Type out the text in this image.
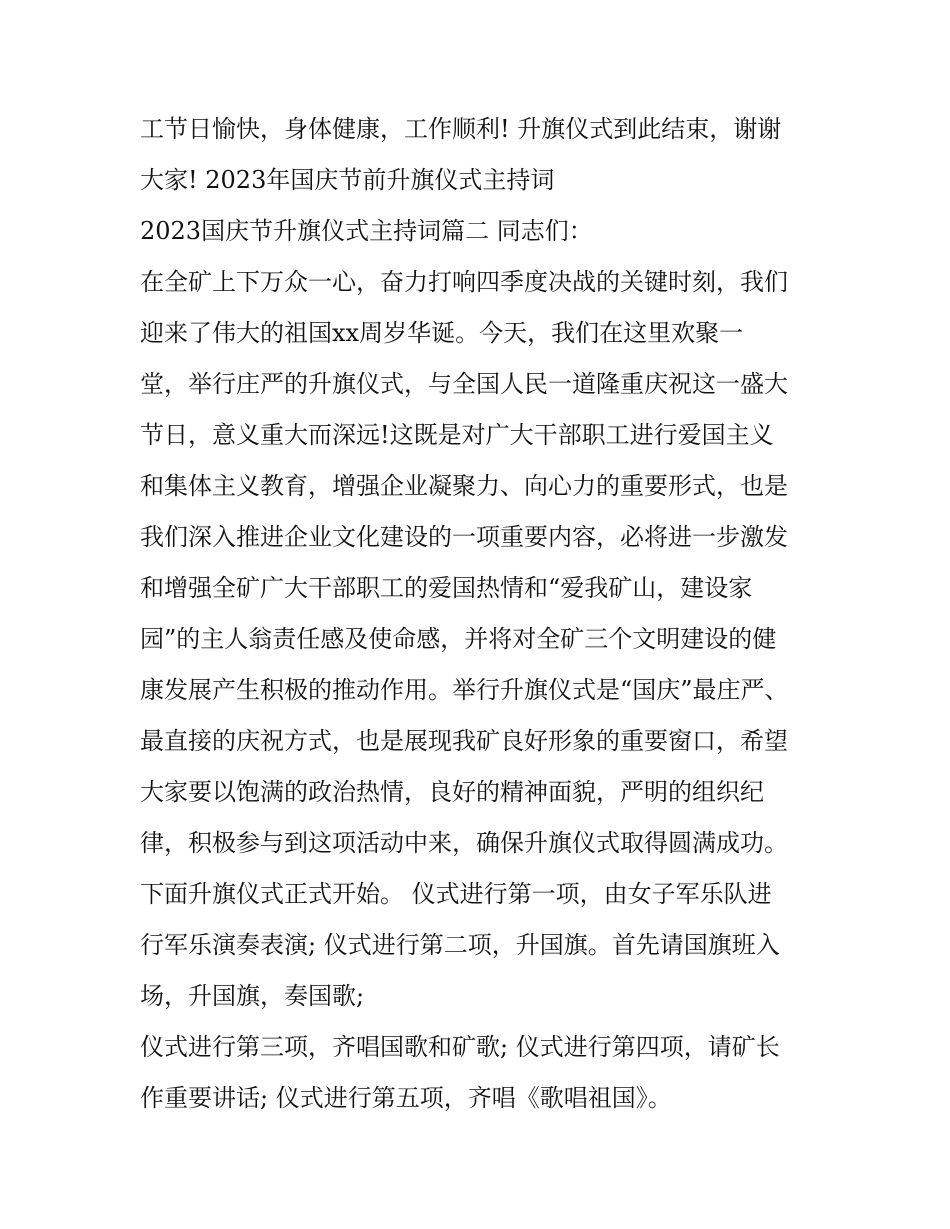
工节日愉快，身体健康，工作顺利! 升旗仪式到此结束，谢谢
大家! 2023年国庆节前升旗仪式主持词
2023国庆节升旗仪式主持词篇二 同志们：
在全矿上下万众一心，奋力打响四季度决战的关键时刻，我们
迎来了伟大的祖国xx周岁华诞。今天，我们在这里欢聚一
堂，举行庄严的升旗仪式，与全国人民一道隆重庆祝这一盛大
节日，意义重大而深远!这既是对广大干部职工进行爱国主义
和集体主义教育，增强企业凝聚力、向心力的重要形式，也是
我们深入推进企业文化建设的一项重要内容，必将进一步激发
和增强全矿广大干部职工的爱国热情和“爱我矿山，建设家
园”的主人翁责任感及使命感，并将对全矿三个文明建设的健
康发展产生积极的推动作用。举行升旗仪式是“国庆”最庄严、
最直接的庆祝方式，也是展现我矿良好形象的重要窗口，希望
大家要以饱满的政治热情，良好的精神面貌，严明的组织纪
律，积极参与到这项活动中来，确保升旗仪式取得圆满成功。
下面升旗仪式正式开始。 仪式进行第一项，由女子军乐队进
行军乐演奏表演; 仪式进行第二项，升国旗。首先请国旗班入
场，升国旗，奏国歌;
仪式进行第三项，齐唱国歌和矿歌; 仪式进行第四项，请矿长
作重要讲话; 仪式进行第五项，齐唱《歌唱祖国》。
